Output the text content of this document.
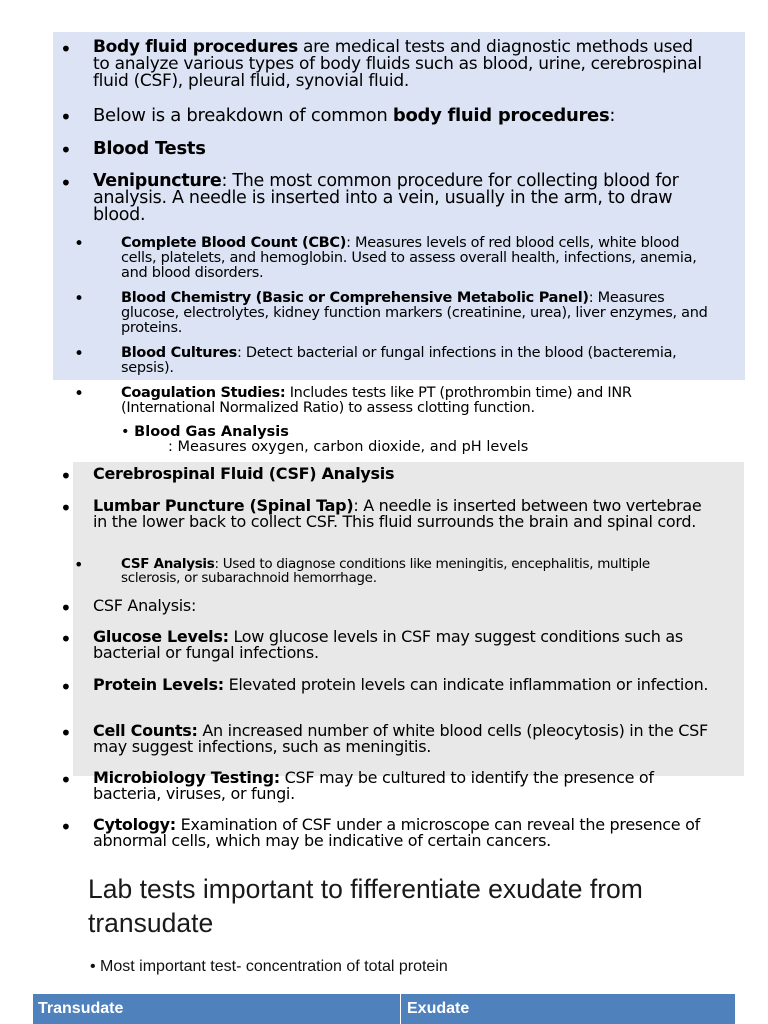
• Body fluid procedures are medical tests and diagnostic methods used to analyze various types of body fluids such as blood, urine, cerebrospinal fluid (CSF), pleural fluid, synovial fluid.
• Below is a breakdown of common body fluid procedures:
• Blood Tests
• Venipuncture: The most common procedure for collecting blood for analysis. A needle is inserted into a vein, usually in the arm, to draw blood.
•	Complete Blood Count (CBC): Measures levels of red blood cells, white blood cells, platelets, and hemoglobin. Used to assess overall health, infections, anemia, and blood disorders.
•	Blood Chemistry (Basic or Comprehensive Metabolic Panel): Measures glucose, electrolytes, kidney function markers (creatinine, urea), liver enzymes, and proteins.
•	Blood Cultures: Detect bacterial or fungal infections in the blood (bacteremia, sepsis).
•	Coagulation Studies: Includes tests like PT (prothrombin time) and INR (International Normalized Ratio) to assess clotting function.
• Blood Gas Analysis
: Measures oxygen, carbon dioxide, and pH levels
• Cerebrospinal Fluid (CSF) Analysis
• Lumbar Puncture (Spinal Tap): A needle is inserted between two vertebrae in the lower back to collect CSF. This fluid surrounds the brain and spinal cord.
•	CSF Analysis: Used to diagnose conditions like meningitis, encephalitis, multiple sclerosis, or subarachnoid hemorrhage.
• CSF Analysis:
• Glucose Levels: Low glucose levels in CSF may suggest conditions such as bacterial or fungal infections.
• Protein Levels: Elevated protein levels can indicate inflammation or infection.
• Cell Counts: An increased number of white blood cells (pleocytosis) in the CSF may suggest infections, such as meningitis.
• Microbiology Testing: CSF may be cultured to identify the presence of bacteria, viruses, or fungi.
• Cytology: Examination of CSF under a microscope can reveal the presence of abnormal cells, which may be indicative of certain cancers.
Lab tests important to fifferentiate exudate from transudate
• Most important test- concentration of total protein
Transudate	Exudate
